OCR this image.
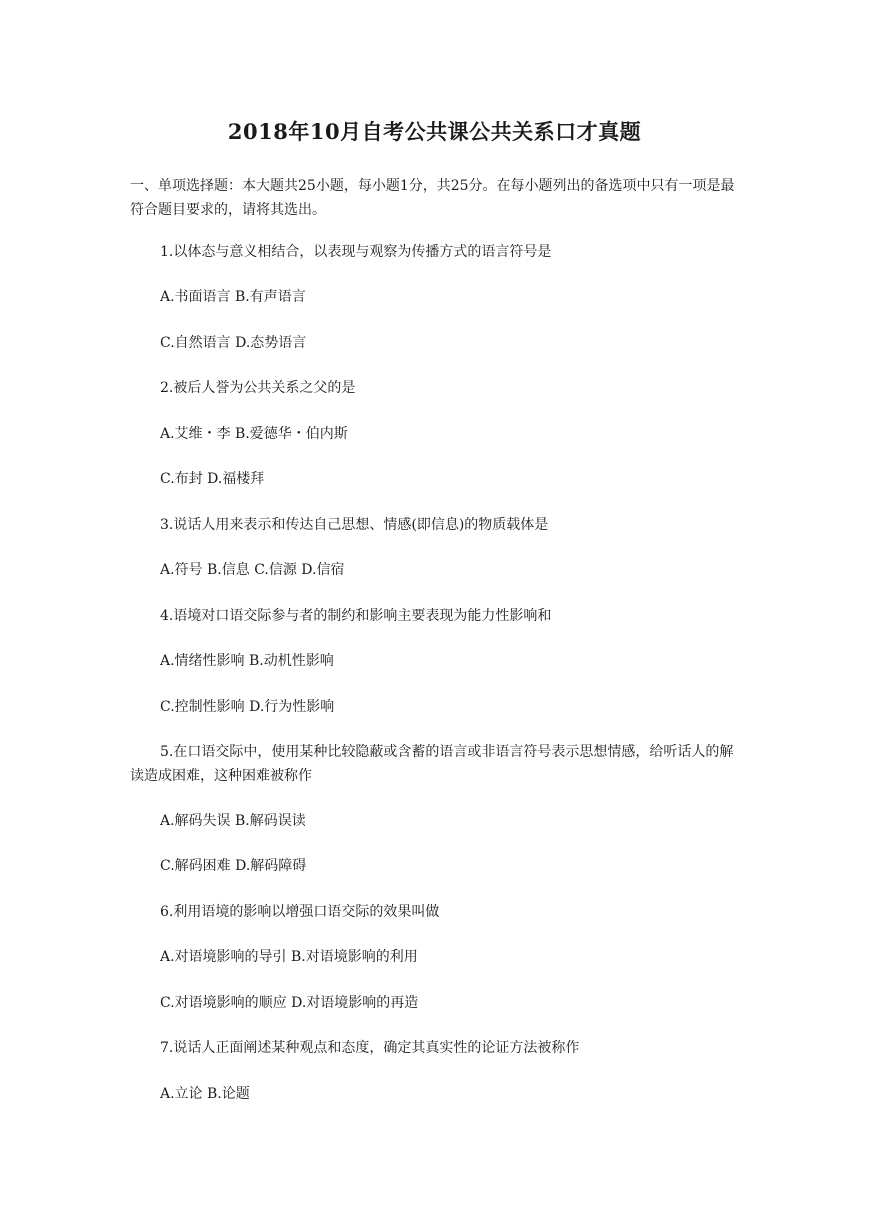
2018年10月自考公共课公共关系口才真题
一、单项选择题：本大题共25小题，每小题1分，共25分。在每小题列出的备选项中只有一项是最符合题目要求的，请将其选出。
1.以体态与意义相结合，以表现与观察为传播方式的语言符号是
A.书面语言 B.有声语言
C.自然语言 D.态势语言
2.被后人誉为公共关系之父的是
A.艾维・李 B.爱德华・伯内斯
C.布封 D.福楼拜
3.说话人用来表示和传达自己思想、情感(即信息)的物质载体是
A.符号 B.信息 C.信源 D.信宿
4.语境对口语交际参与者的制约和影响主要表现为能力性影响和
A.情绪性影响 B.动机性影响
C.控制性影响 D.行为性影响
5.在口语交际中，使用某种比较隐蔽或含蓄的语言或非语言符号表示思想情感，给听话人的解读造成困难，这种困难被称作
A.解码失误 B.解码误读
C.解码困难 D.解码障碍
6.利用语境的影响以增强口语交际的效果叫做
A.对语境影响的导引 B.对语境影响的利用
C.对语境影响的顺应 D.对语境影响的再造
7.说话人正面阐述某种观点和态度，确定其真实性的论证方法被称作
A.立论 B.论题
